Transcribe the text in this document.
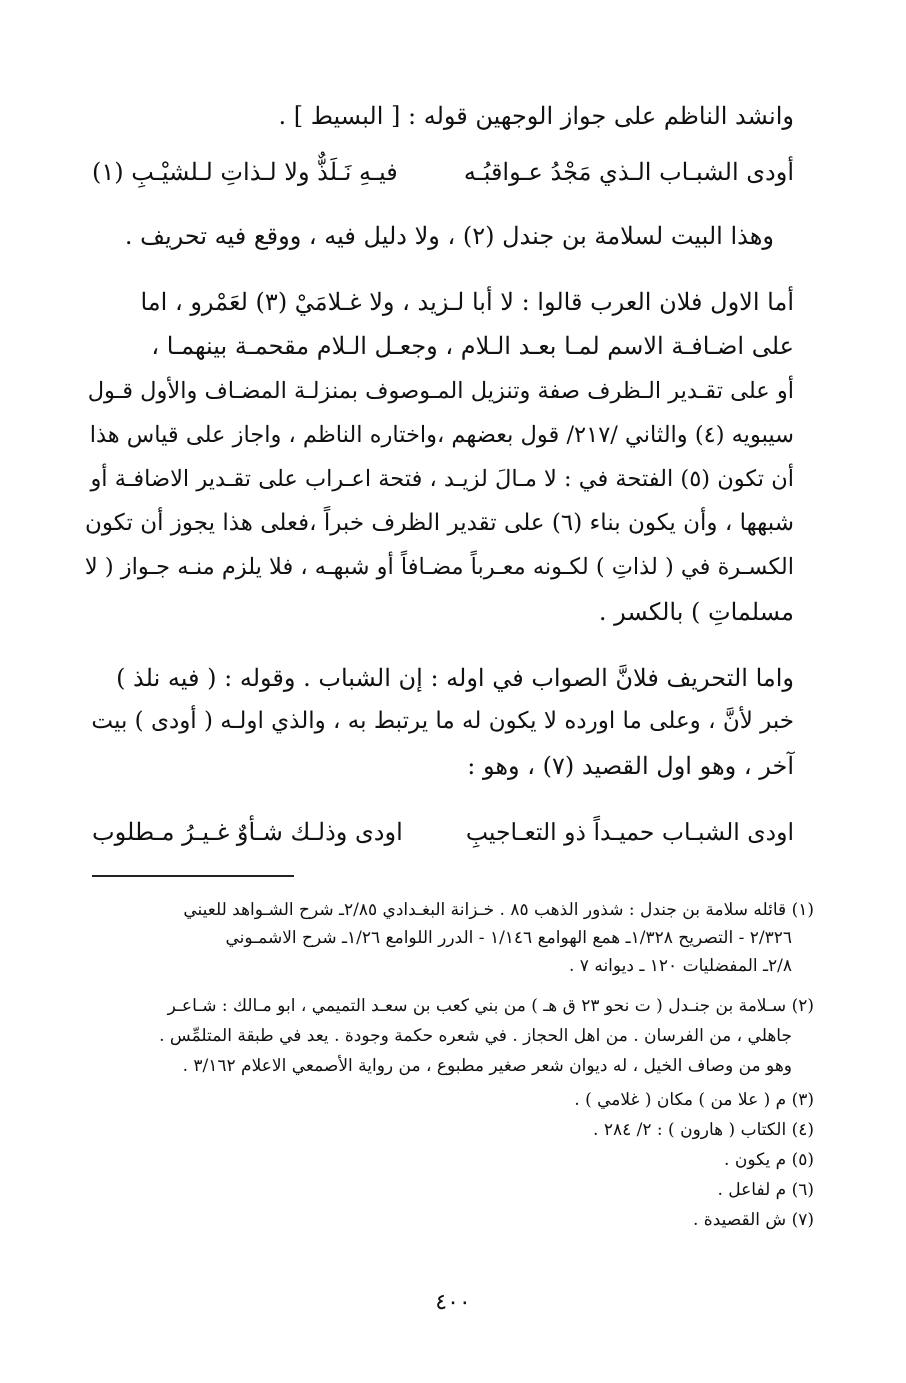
وانشد الناظم على جواز الوجهين قوله : [ البسيط ] .
أودى الشبـاب الـذي مَجْدُ عـواقبُـه
فيـهِ نَـلَذٌّ ولا لـذاتِ لـلشيْـبِ (١)
وهذا البيت لسلامة بن جندل (٢) ، ولا دليل فيه ، ووقع فيه تحريف .
أما الاول فلان العرب قالوا : لا أبا لـزيد ، ولا غـلامَيْ (٣) لعَمْرو ، اما
على اضـافـة الاسم لمـا بعـد الـلام ، وجعـل الـلام مقحمـة بينهمـا ،
أو على تقـدير الـظرف صفة وتنزيل المـوصوف بمنزلـة المضـاف والأول قـول
سيبويه (٤) والثاني /٢١٧/ قول بعضهم ،واختاره الناظم ، واجاز على قياس هذا
أن تكون (٥) الفتحة في : لا مـالَ لزيـد ، فتحة اعـراب على تقـدير الاضافـة أو
شبهها ، وأن يكون بناء (٦) على تقدير الظرف خبراً ،فعلى هذا يجوز أن تكون
الكسـرة في ( لذاتِ ) لكـونه معـرباً مضـافاً أو شبهـه ، فلا يلزم منـه جـواز ( لا
مسلماتِ ) بالكسر .
واما التحريف فلانَّ الصواب في اوله : إن الشباب . وقوله : ( فيه نلذ )
خبر لأنَّ ، وعلى ما اورده لا يكون له ما يرتبط به ، والذي اولـه ( أودى ) بيت
آخر ، وهو اول القصيد (٧) ، وهو :
اودى الشبـاب حميـداً ذو التعـاجيبِ
اودى وذلـك شـأوٌ غـيـرُ مـطلوب
(١) قائله سلامة بن جندل : شذور الذهب ٨٥ . خـزانة البغـدادي ٢/٨٥ـ شرح الشـواهد للعيني
٢/٣٢٦ - التصريح ١/٣٢٨ـ همع الهوامع ١/١٤٦ - الدرر اللوامع ١/٢٦ـ شرح الاشمـوني
٢/٨ـ المفضليات ١٢٠ ـ ديوانه ٧ .
(٢) سـلامة بن جنـدل ( ت نحو ٢٣ ق هـ ) من بني كعب بن سعـد التميمي ، ابو مـالك : شـاعـر
جاهلي ، من الفرسان . من اهل الحجاز . في شعره حكمة وجودة . يعد في طبقة المتلمِّس .
وهو من وصاف الخيل ، له ديوان شعر صغير مطبوع ، من رواية الأصمعي الاعلام ٣/١٦٢ .
(٣) م ( علا من ) مكان ( غلامي ) .
(٤) الكتاب ( هارون ) : ٢/ ٢٨٤ .
(٥) م يكون .
(٦) م لفاعل .
(٧) ش القصيدة .
٤٠٠
